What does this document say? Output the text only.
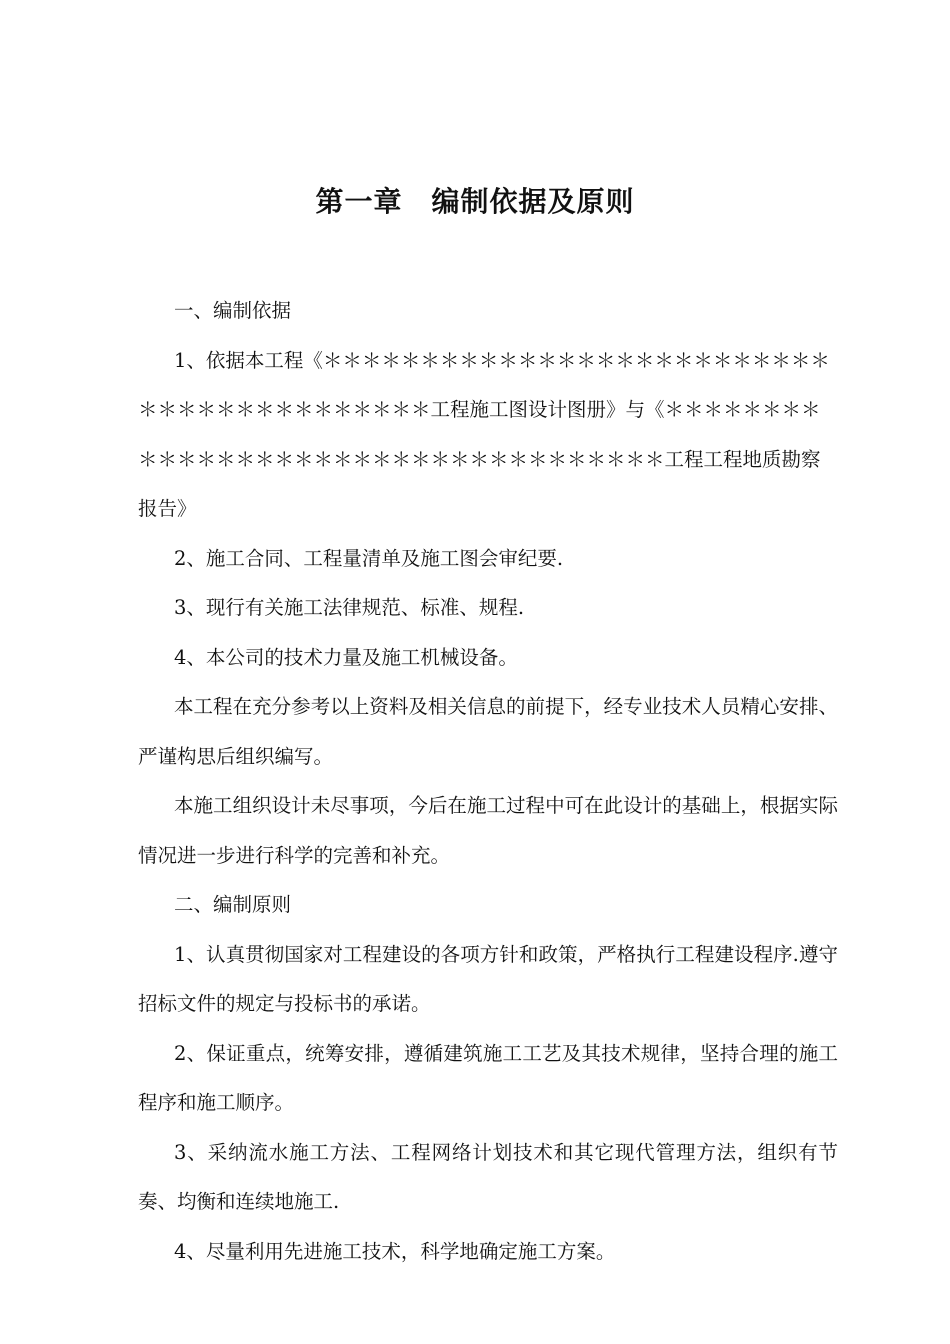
第一章　编制依据及原则

一、编制依据

1、依据本工程《＊＊＊＊＊＊＊＊＊＊＊＊＊＊＊＊＊＊＊＊＊＊＊＊＊＊＊＊＊＊＊＊＊＊＊＊＊＊＊＊＊工程施工图设计图册》与《＊＊＊＊＊＊＊＊＊＊＊＊＊＊＊＊＊＊＊＊＊＊＊＊＊＊＊＊＊＊＊＊＊＊＊工程工程地质勘察报告》

2、施工合同、工程量清单及施工图会审纪要.

3、现行有关施工法律规范、标准、规程.

4、本公司的技术力量及施工机械设备。

本工程在充分参考以上资料及相关信息的前提下，经专业技术人员精心安排、严谨构思后组织编写。

本施工组织设计未尽事项，今后在施工过程中可在此设计的基础上，根据实际情况进一步进行科学的完善和补充。

二、编制原则

1、认真贯彻国家对工程建设的各项方针和政策，严格执行工程建设程序.遵守招标文件的规定与投标书的承诺。

2、保证重点，统筹安排，遵循建筑施工工艺及其技术规律，坚持合理的施工程序和施工顺序。

3、采纳流水施工方法、工程网络计划技术和其它现代管理方法，组织有节奏、均衡和连续地施工.

4、尽量利用先进施工技术，科学地确定施工方案。
